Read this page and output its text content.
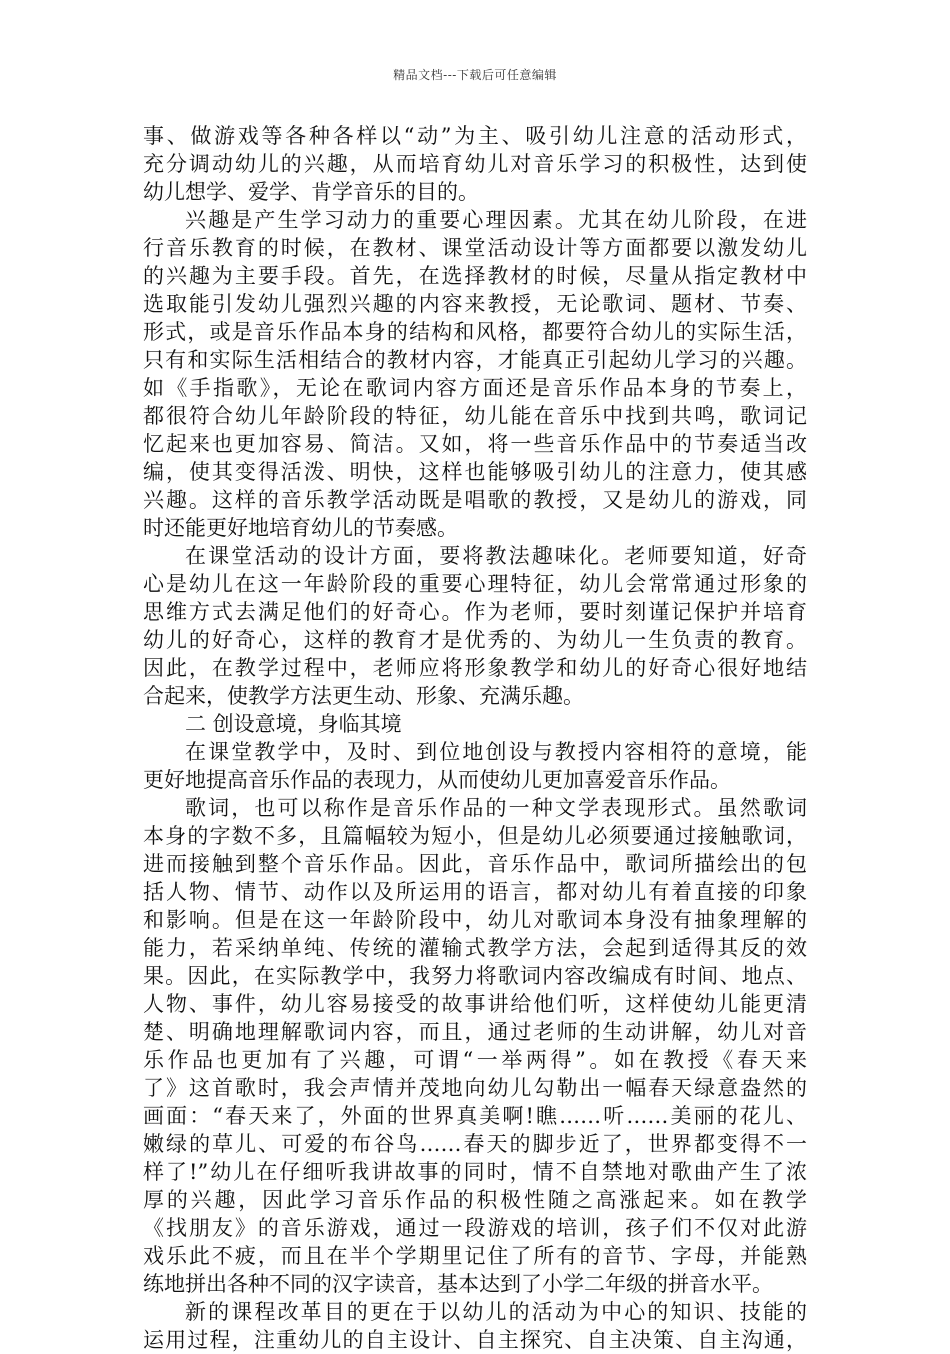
精品文档---下载后可任意编辑
事、做游戏等各种各样以“动”为主、吸引幼儿注意的活动形式，
充分调动幼儿的兴趣，从而培育幼儿对音乐学习的积极性，达到使
幼儿想学、爱学、肯学音乐的目的。
兴趣是产生学习动力的重要心理因素。尤其在幼儿阶段，在进
行音乐教育的时候，在教材、课堂活动设计等方面都要以激发幼儿
的兴趣为主要手段。首先，在选择教材的时候，尽量从指定教材中
选取能引发幼儿强烈兴趣的内容来教授，无论歌词、题材、节奏、
形式，或是音乐作品本身的结构和风格，都要符合幼儿的实际生活，
只有和实际生活相结合的教材内容，才能真正引起幼儿学习的兴趣。
如《手指歌》，无论在歌词内容方面还是音乐作品本身的节奏上，
都很符合幼儿年龄阶段的特征，幼儿能在音乐中找到共鸣，歌词记
忆起来也更加容易、简洁。又如，将一些音乐作品中的节奏适当改
编，使其变得活泼、明快，这样也能够吸引幼儿的注意力，使其感
兴趣。这样的音乐教学活动既是唱歌的教授，又是幼儿的游戏，同
时还能更好地培育幼儿的节奏感。
在课堂活动的设计方面，要将教法趣味化。老师要知道，好奇
心是幼儿在这一年龄阶段的重要心理特征，幼儿会常常通过形象的
思维方式去满足他们的好奇心。作为老师，要时刻谨记保护并培育
幼儿的好奇心，这样的教育才是优秀的、为幼儿一生负责的教育。
因此，在教学过程中，老师应将形象教学和幼儿的好奇心很好地结
合起来，使教学方法更生动、形象、充满乐趣。
二 创设意境，身临其境
在课堂教学中，及时、到位地创设与教授内容相符的意境，能
更好地提高音乐作品的表现力，从而使幼儿更加喜爱音乐作品。
歌词，也可以称作是音乐作品的一种文学表现形式。虽然歌词
本身的字数不多，且篇幅较为短小，但是幼儿必须要通过接触歌词，
进而接触到整个音乐作品。因此，音乐作品中，歌词所描绘出的包
括人物、情节、动作以及所运用的语言，都对幼儿有着直接的印象
和影响。但是在这一年龄阶段中，幼儿对歌词本身没有抽象理解的
能力，若采纳单纯、传统的灌输式教学方法，会起到适得其反的效
果。因此，在实际教学中，我努力将歌词内容改编成有时间、地点、
人物、事件，幼儿容易接受的故事讲给他们听，这样使幼儿能更清
楚、明确地理解歌词内容，而且，通过老师的生动讲解，幼儿对音
乐作品也更加有了兴趣，可谓“一举两得”。如在教授《春天来
了》这首歌时，我会声情并茂地向幼儿勾勒出一幅春天绿意盎然的
画面：“春天来了，外面的世界真美啊!瞧……听……美丽的花儿、
嫩绿的草儿、可爱的布谷鸟……春天的脚步近了，世界都变得不一
样了!”幼儿在仔细听我讲故事的同时，情不自禁地对歌曲产生了浓
厚的兴趣，因此学习音乐作品的积极性随之高涨起来。如在教学
《找朋友》的音乐游戏，通过一段游戏的培训，孩子们不仅对此游
戏乐此不疲，而且在半个学期里记住了所有的音节、字母，并能熟
练地拼出各种不同的汉字读音，基本达到了小学二年级的拼音水平。
新的课程改革目的更在于以幼儿的活动为中心的知识、技能的
运用过程，注重幼儿的自主设计、自主探究、自主决策、自主沟通，
